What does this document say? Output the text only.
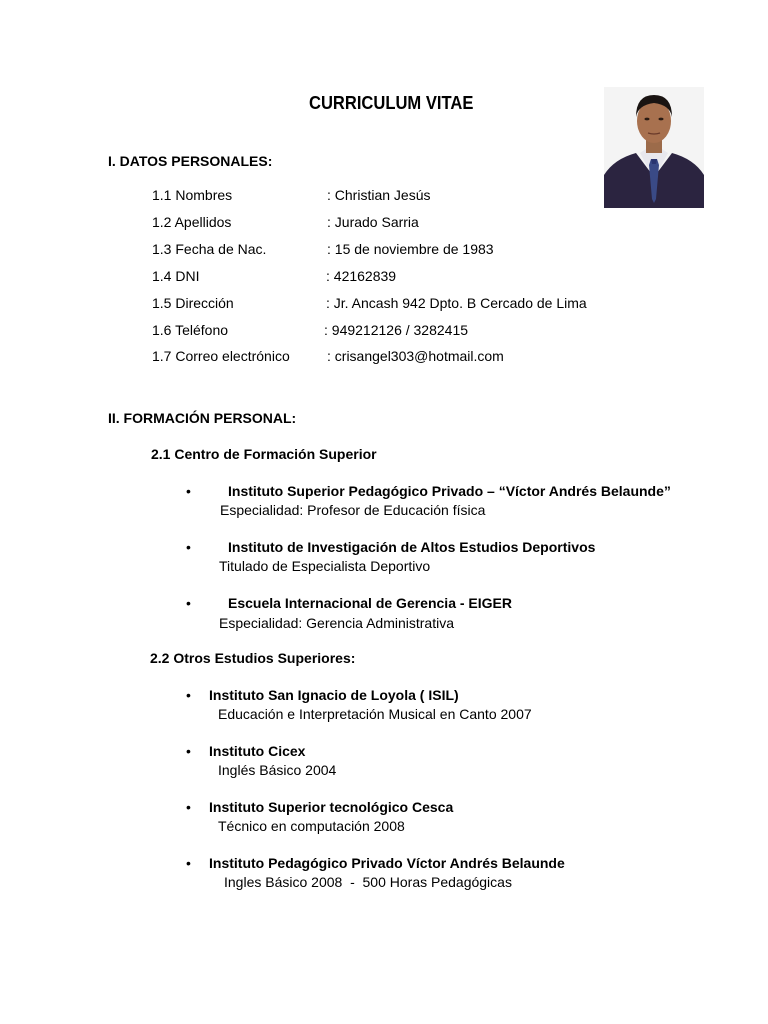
CURRICULUM VITAE
I. DATOS PERSONALES:
1.1 Nombres	: Christian Jesús
1.2 Apellidos	: Jurado Sarria
1.3 Fecha de Nac.	: 15 de noviembre de 1983
1.4 DNI	: 42162839
1.5 Dirección	: Jr. Ancash 942 Dpto. B Cercado de Lima
1.6 Teléfono	: 949212126 / 3282415
1.7 Correo electrónico	: crisangel303@hotmail.com
II. FORMACIÓN PERSONAL:
2.1 Centro de Formación Superior
•	Instituto Superior Pedagógico Privado – “Víctor Andrés Belaunde”
Especialidad: Profesor de Educación física
•	Instituto de Investigación de Altos Estudios Deportivos
Titulado de Especialista Deportivo
•	Escuela Internacional de Gerencia - EIGER
Especialidad: Gerencia Administrativa
2.2 Otros Estudios Superiores:
• Instituto San Ignacio de Loyola ( ISIL)
Educación e Interpretación Musical en Canto 2007
• Instituto Cicex
Inglés Básico 2004
• Instituto Superior tecnológico Cesca
Técnico en computación 2008
• Instituto Pedagógico Privado Víctor Andrés Belaunde
Ingles Básico 2008  -  500 Horas Pedagógicas
